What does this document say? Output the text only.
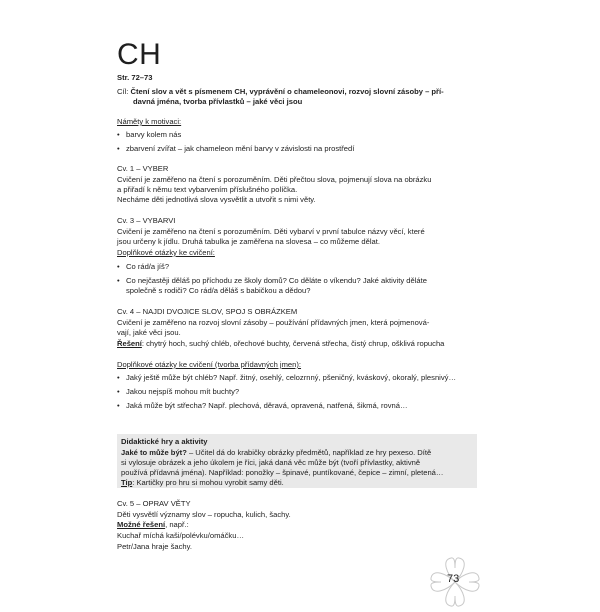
CH
Str. 72–73
Cíl: Čtení slov a vět s písmenem CH, vyprávění o chameleonovi, rozvoj slovní zásoby – pří-
davná jména, tvorba přívlastků – jaké věci jsou
Náměty k motivaci:
• barvy kolem nás
• zbarvení zvířat – jak chameleon mění barvy v závislosti na prostředí
Cv. 1 – VYBER
Cvičení je zaměřeno na čtení s porozuměním. Děti přečtou slova, pojmenují slova na obrázku
a přiřadí k němu text vybarvením příslušného políčka.
Necháme děti jednotlivá slova vysvětlit a utvořit s nimi věty.
Cv. 3 – VYBARVI
Cvičení je zaměřeno na čtení s porozuměním. Děti vybarví v první tabulce názvy věcí, které
jsou určeny k jídlu. Druhá tabulka je zaměřena na slovesa – co můžeme dělat.
Doplňkové otázky ke cvičení:
• Co rád/a jíš?
• Co nejčastěji děláš po příchodu ze školy domů? Co děláte o víkendu? Jaké aktivity děláte
společně s rodiči? Co rád/a děláš s babičkou a dědou?
Cv. 4 – NAJDI DVOJICE SLOV, SPOJ S OBRÁZKEM
Cvičení je zaměřeno na rozvoj slovní zásoby – používání přídavných jmen, která pojmenová-
vají, jaké věci jsou.
Řešení: chytrý hoch, suchý chléb, ořechové buchty, červená střecha, čistý chrup, ošklivá ropucha
Doplňkové otázky ke cvičení (tvorba přídavných jmen):
• Jaký ještě může být chléb? Např. žitný, osehlý, celozrnný, pšeničný, kváskový, okoralý, plesnivý…
• Jakou nejspíš mohou mít buchty?
• Jaká může být střecha? Např. plechová, děravá, opravená, natřená, šikmá, rovná…
Didaktické hry a aktivity
Jaké to může být? – Učitel dá do krabičky obrázky předmětů, například ze hry pexeso. Dítě
si vylosuje obrázek a jeho úkolem je říci, jaká daná věc může být (tvoří přívlastky, aktivně
používá přídavná jména). Například: ponožky – špinavé, puntíkované, čepice – zimní, pletená…
Tip: Kartičky pro hru si mohou vyrobit samy děti.
Cv. 5 – OPRAV VĚTY
Děti vysvětlí významy slov – ropucha, kulich, šachy.
Možné řešení, např.:
Kuchař míchá kaši/polévku/omáčku…
Petr/Jana hraje šachy.
73
